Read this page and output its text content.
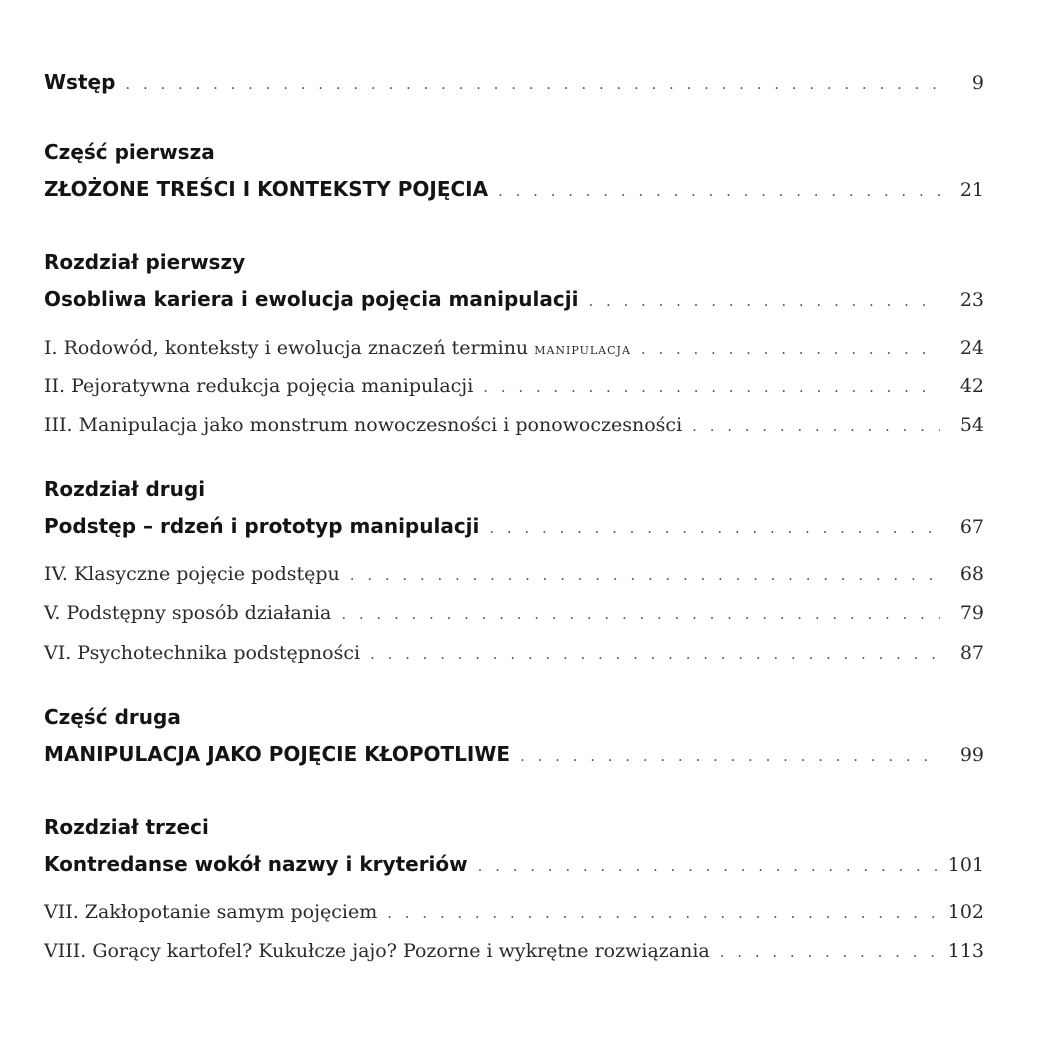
Wstęp . . .	9
Część pierwsza
ZŁOŻONE TREŚCI I KONTEKSTY POJĘCIA . . .	21
Rozdział pierwszy
Osobliwa kariera i ewolucja pojęcia manipulacji . . .	23
I. Rodowód, konteksty i ewolucja znaczeń terminu manipulacja . . .	24
II. Pejoratywna redukcja pojęcia manipulacji . . .	42
III. Manipulacja jako monstrum nowoczesności i ponowoczesności . . .	54
Rozdział drugi
Podstęp – rdzeń i prototyp manipulacji . . .	67
IV. Klasyczne pojęcie podstępu . . .	68
V. Podstępny sposób działania . . .	79
VI. Psychotechnika podstępności . . .	87
Część druga
MANIPULACJA JAKO POJĘCIE KŁOPOTLIWE . . .	99
Rozdział trzeci
Kontredanse wokół nazwy i kryteriów . . .	101
VII. Zakłopotanie samym pojęciem . . .	102
VIII. Gorący kartofel? Kukułcze jajo? Pozorne i wykrętne rozwiązania . . .	113
